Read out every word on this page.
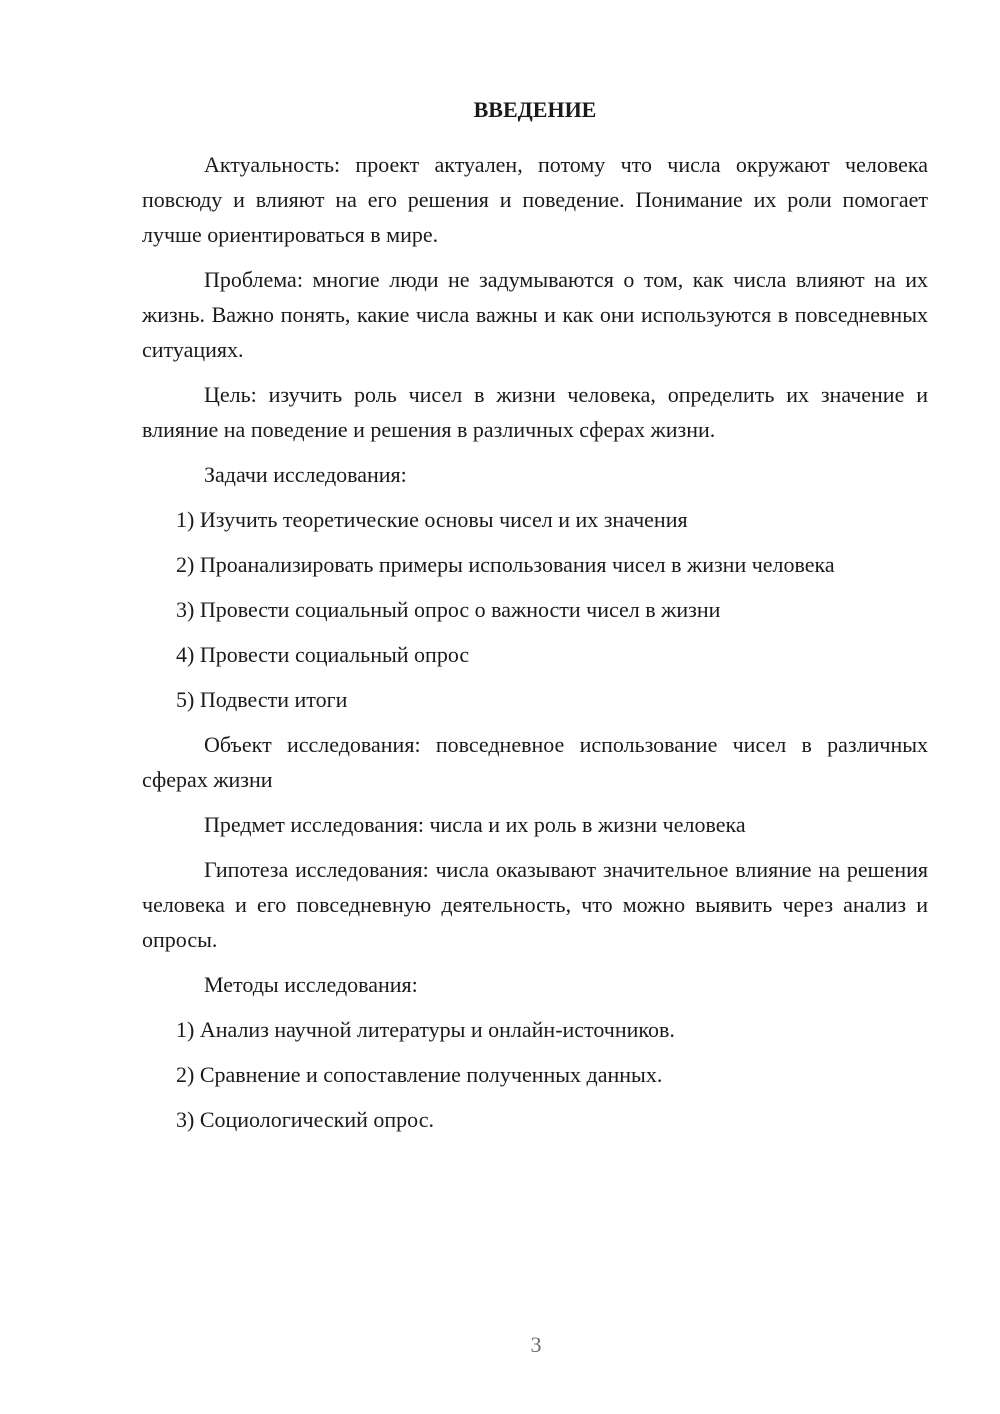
ВВЕДЕНИЕ

Актуальность: проект актуален, потому что числа окружают человека повсюду и влияют на его решения и поведение. Понимание их роли помогает лучше ориентироваться в мире.

Проблема: многие люди не задумываются о том, как числа влияют на их жизнь. Важно понять, какие числа важны и как они используются в повседневных ситуациях.

Цель: изучить роль чисел в жизни человека, определить их значение и влияние на поведение и решения в различных сферах жизни.

Задачи исследования:

1) Изучить теоретические основы чисел и их значения
2) Проанализировать примеры использования чисел в жизни человека
3) Провести социальный опрос о важности чисел в жизни
4) Провести социальный опрос
5) Подвести итоги

Объект исследования: повседневное использование чисел в различных сферах жизни

Предмет исследования: числа и их роль в жизни человека

Гипотеза исследования: числа оказывают значительное влияние на решения человека и его повседневную деятельность, что можно выявить через анализ и опросы.

Методы исследования:

1) Анализ научной литературы и онлайн-источников.
2) Сравнение и сопоставление полученных данных.
3) Социологический опрос.
3
